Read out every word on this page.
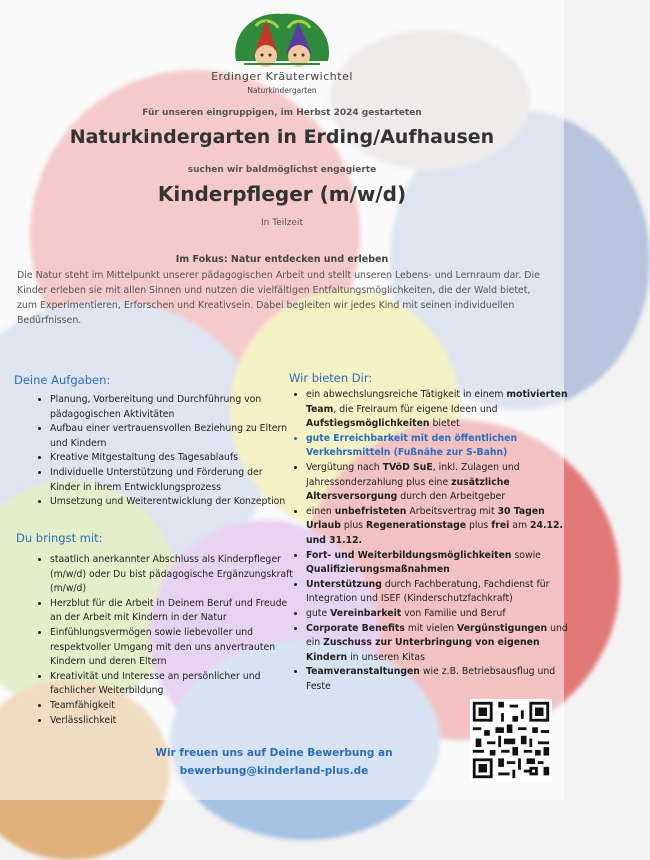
Erdinger Kräuterwichtel
Naturkindergarten
Für unseren eingruppigen, im Herbst 2024 gestarteten
Naturkindergarten in Erding/Aufhausen
suchen wir baldmöglichst engagierte
Kinderpfleger (m/w/d)
In Teilzeit
Im Fokus: Natur entdecken und erleben
Die Natur steht im Mittelpunkt unserer pädagogischen Arbeit und stellt unseren Lebens- und Lernraum dar. Die Kinder erleben sie mit allen Sinnen und nutzen die vielfältigen Entfaltungsmöglichkeiten, die der Wald bietet, zum Experimentieren, Erforschen und Kreativsein. Dabei begleiten wir jedes Kind mit seinen individuellen Bedürfnissen.
Deine Aufgaben:
• Planung, Vorbereitung und Durchführung von pädagogischen Aktivitäten
• Aufbau einer vertrauensvollen Beziehung zu Eltern und Kindern
• Kreative Mitgestaltung des Tagesablaufs
• Individuelle Unterstützung und Förderung der Kinder in ihrem Entwicklungsprozess
• Umsetzung und Weiterentwicklung der Konzeption
Du bringst mit:
• staatlich anerkannter Abschluss als Kinderpfleger (m/w/d) oder Du bist pädagogische Ergänzungskraft (m/w/d)
• Herzblut für die Arbeit in Deinem Beruf und Freude an der Arbeit mit Kindern in der Natur
• Einfühlungsvermögen sowie liebevoller und respektvoller Umgang mit den uns anvertrauten Kindern und deren Eltern
• Kreativität und Interesse an persönlicher und fachlicher Weiterbildung
• Teamfähigkeit
• Verlässlichkeit
Wir bieten Dir:
• ein abwechslungsreiche Tätigkeit in einem motivierten Team, die Freiraum für eigene Ideen und Aufstiegsmöglichkeiten bietet
• gute Erreichbarkeit mit den öffentlichen Verkehrsmitteln (Fußnähe zur S-Bahn)
• Vergütung nach TVöD SuE, inkl. Zulagen und Jahressonderzahlung plus eine zusätzliche Altersversorgung durch den Arbeitgeber
• einen unbefristeten Arbeitsvertrag mit 30 Tagen Urlaub plus Regenerationstage plus frei am 24.12. und 31.12.
• Fort- und Weiterbildungsmöglichkeiten sowie Qualifizierungsmaßnahmen
• Unterstützung durch Fachberatung, Fachdienst für Integration und ISEF (Kinderschutzfachkraft)
• gute Vereinbarkeit von Familie und Beruf
• Corporate Benefits mit vielen Vergünstigungen und ein Zuschuss zur Unterbringung von eigenen Kindern in unseren Kitas
• Teamveranstaltungen wie z.B. Betriebsausflug und Feste
Wir freuen uns auf Deine Bewerbung an
bewerbung@kinderland-plus.de
